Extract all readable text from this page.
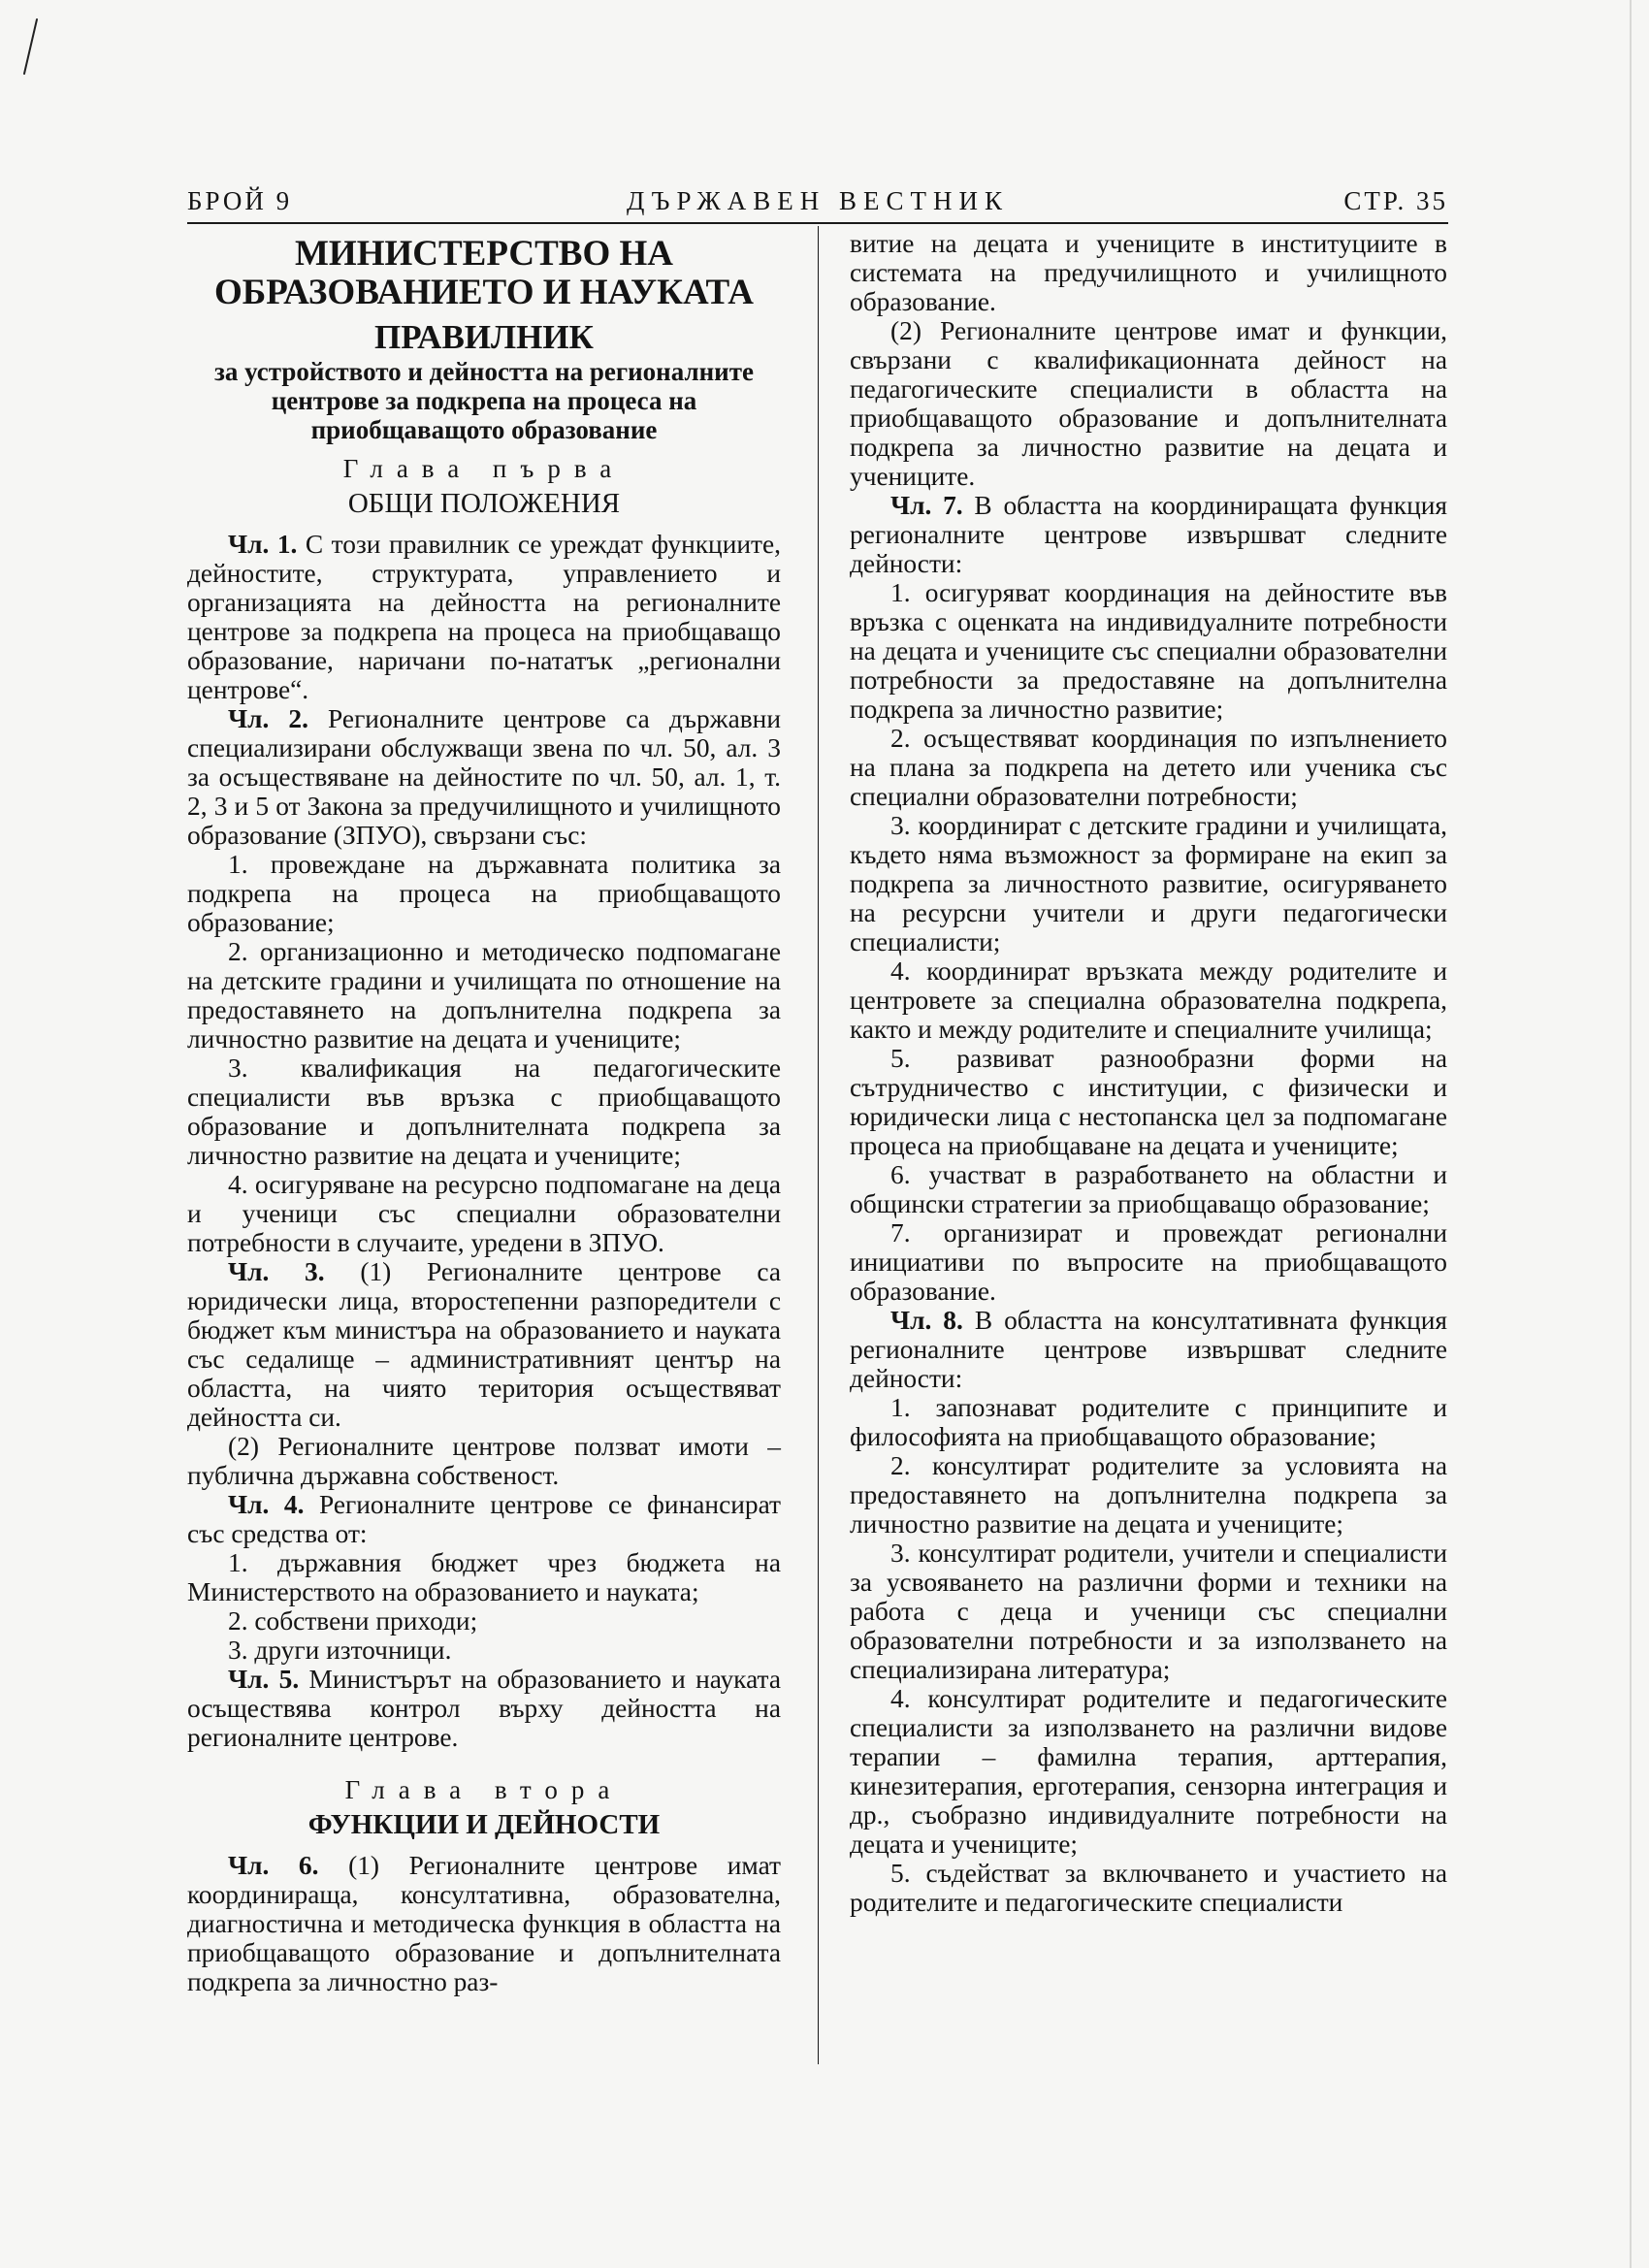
БРОЙ 9	ДЪРЖАВЕН ВЕСТНИК	СТР. 35
МИНИСТЕРСТВО НА ОБРАЗОВАНИЕТО И НАУКАТА
ПРАВИЛНИК
за устройството и дейността на регионалните центрове за подкрепа на процеса на приобщаващото образование
Глава първа
ОБЩИ ПОЛОЖЕНИЯ

Чл. 1. С този правилник се уреждат функциите, дейностите, структурата, управлението и организацията на дейността на регионалните центрове за подкрепа на процеса на приобщаващо образование, наричани по-нататък „регионални центрове“.

Чл. 2. Регионалните центрове са държавни специализирани обслужващи звена по чл. 50, ал. 3 за осъществяване на дейностите по чл. 50, ал. 1, т. 2, 3 и 5 от Закона за предучилищното и училищното образование (ЗПУО), свързани със:

1. провеждане на държавната политика за подкрепа на процеса на приобщаващото образование;

2. организационно и методическо подпомагане на детските градини и училищата по отношение на предоставянето на допълнителна подкрепа за личностно развитие на децата и учениците;

3. квалификация на педагогическите специалисти във връзка с приобщаващото образование и допълнителната подкрепа за личностно развитие на децата и учениците;

4. осигуряване на ресурсно подпомагане на деца и ученици със специални образователни потребности в случаите, уредени в ЗПУО.

Чл. 3. (1) Регионалните центрове са юридически лица, второстепенни разпоредители с бюджет към министъра на образованието и науката със седалище – административният център на областта, на чиято територия осъществяват дейността си.

(2) Регионалните центрове ползват имоти – публична държавна собственост.

Чл. 4. Регионалните центрове се финансират със средства от:

1. държавния бюджет чрез бюджета на Министерството на образованието и науката;

2. собствени приходи;

3. други източници.

Чл. 5. Министърът на образованието и науката осъществява контрол върху дейността на регионалните центрове.

Глава втора
ФУНКЦИИ И ДЕЙНОСТИ

Чл. 6. (1) Регионалните центрове имат координираща, консултативна, образователна, диагностична и методическа функция в областта на приобщаващото образование и допълнителната подкрепа за личностно раз-

витие на децата и учениците в институциите в системата на предучилищното и училищното образование.

(2) Регионалните центрове имат и функции, свързани с квалификационната дейност на педагогическите специалисти в областта на приобщаващото образование и допълнителната подкрепа за личностно развитие на децата и учениците.

Чл. 7. В областта на координиращата функция регионалните центрове извършват следните дейности:

1. осигуряват координация на дейностите във връзка с оценката на индивидуалните потребности на децата и учениците със специални образователни потребности за предоставяне на допълнителна подкрепа за личностно развитие;

2. осъществяват координация по изпълнението на плана за подкрепа на детето или ученика със специални образователни потребности;

3. координират с детските градини и училищата, където няма възможност за формиране на екип за подкрепа за личностното развитие, осигуряването на ресурсни учители и други педагогически специалисти;

4. координират връзката между родителите и центровете за специална образователна подкрепа, както и между родителите и специалните училища;

5. развиват разнообразни форми на сътрудничество с институции, с физически и юридически лица с нестопанска цел за подпомагане процеса на приобщаване на децата и учениците;

6. участват в разработването на областни и общински стратегии за приобщаващо образование;

7. организират и провеждат регионални инициативи по въпросите на приобщаващото образование.

Чл. 8. В областта на консултативната функция регионалните центрове извършват следните дейности:

1. запознават родителите с принципите и философията на приобщаващото образование;

2. консултират родителите за условията на предоставянето на допълнителна подкрепа за личностно развитие на децата и учениците;

3. консултират родители, учители и специалисти за усвояването на различни форми и техники на работа с деца и ученици със специални образователни потребности и за използването на специализирана литература;

4. консултират родителите и педагогическите специалисти за използването на различни видове терапии – фамилна терапия, арттерапия, кинезитерапия, ерготерапия, сензорна интеграция и др., съобразно индивидуалните потребности на децата и учениците;

5. съдействат за включването и участието на родителите и педагогическите специалисти
